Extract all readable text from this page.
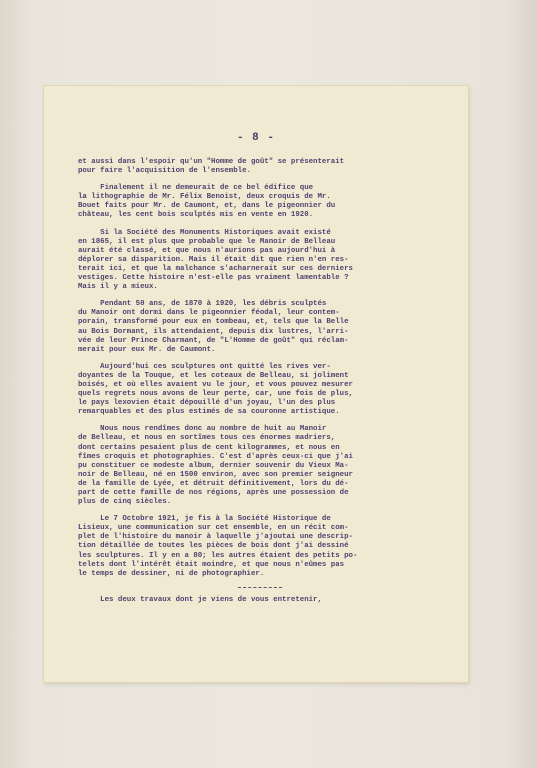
- 8 -
et aussi dans l'espoir qu'un "Homme de goût" se présenterait
pour faire l'acquisition de l'ensemble.
Finalement il ne demeurait de ce bel édifice que
la lithographie de Mr. Félix Benoist, deux croquis de Mr.
Bouet faits pour Mr. de Caumont, et, dans le pigeonnier du
château, les cent bois sculptés mis en vente en 1920.
Si la Société des Monuments Historiques avait existé
en 1865, il est plus que probable que le Manoir de Belleau
aurait été classé, et que nous n'aurions pas aujourd'hui à
déplorer sa disparition. Mais il était dit que rien n'en res-
terait ici, et que la malchance s'acharnerait sur ces derniers
vestiges. Cette histoire n'est-elle pas vraiment lamentable ?
Mais il y a mieux.
Pendant 50 ans, de 1870 à 1920, les débris sculptés
du Manoir ont dormi dans le pigeonnier féodal, leur contem-
porain, transformé pour eux en tombeau, et, tels que la Belle
au Bois Dormant, ils attendaient, depuis dix lustres, l'arri-
vée de leur Prince Charmant, de "L'Homme de goût" qui réclam-
merait pour eux Mr. de Caumont.
Aujourd'hui ces sculptures ont quitté les rives ver-
doyantes de la Touque, et les coteaux de Belleau, si joliment
boisés, et où elles avaient vu le jour, et vous pouvez mesurer
quels regrets nous avons de leur perte, car, une fois de plus,
le pays lexovien était dépouillé d'un joyau, l'un des plus
remarquables et des plus estimés de sa couronne artistique.
Nous nous rendîmes donc au nombre de huit au Manoir
de Belleau, et nous en sortîmes tous ces énormes madriers,
dont certains pesaient plus de cent kilogrammes, et nous en
fîmes croquis et photographies. C'est d'après ceux-ci que j'ai
pu constituer ce modeste album, dernier souvenir du Vieux Ma-
noir de Belleau, né en 1500 environ, avec son premier seigneur
de la famille de Lyée, et détruit définitivement, lors du dé-
part de cette famille de nos régions, après une possession de
plus de cinq siècles.
Le 7 Octobre 1921, je fis à la Société Historique de
Lisieux, une communication sur cet ensemble, en un récit com-
plet de l'histoire du manoir à laquelle j'ajoutai une descrip-
tion détaillée de toutes les pièces de bois dont j'ai dessiné
les sculptures. Il y en a 80; les autres étaient des petits po-
telets dont l'intérêt était moindre, et que nous n'eûmes pas
le temps de dessiner, ni de photographier.
Les deux travaux dont je viens de vous entretenir,
